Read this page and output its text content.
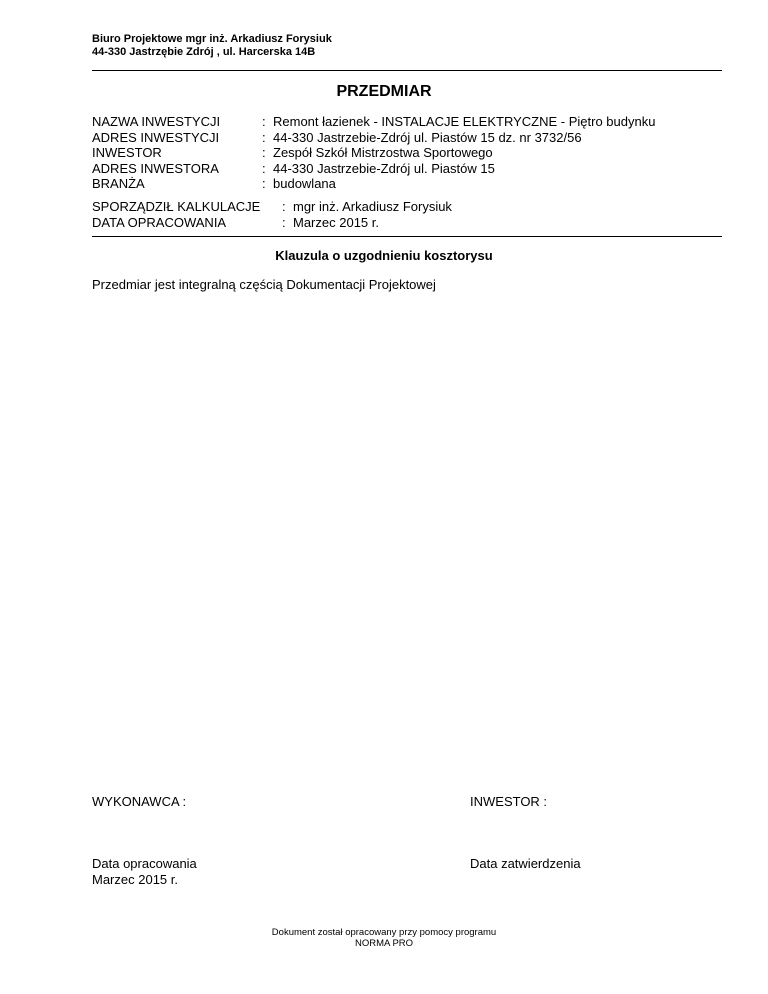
Biuro Projektowe mgr inż. Arkadiusz Forysiuk
44-330 Jastrzębie Zdrój , ul. Harcerska 14B
PRZEDMIAR
NAZWA INWESTYCJI	: Remont łazienek - INSTALACJE ELEKTRYCZNE - Piętro budynku
ADRES INWESTYCJI	: 44-330 Jastrzebie-Zdrój ul. Piastów 15 dz. nr 3732/56
INWESTOR	: Zespół Szkół Mistrzostwa Sportowego
ADRES INWESTORA	: 44-330 Jastrzebie-Zdrój ul. Piastów 15
BRANŻA	: budowlana
SPORZĄDZIŁ KALKULACJE : mgr inż. Arkadiusz Forysiuk
DATA OPRACOWANIA	: Marzec 2015 r.
Klauzula o uzgodnieniu kosztorysu
Przedmiar jest integralną częścią Dokumentacji Projektowej
WYKONAWCA :	INWESTOR :
Data opracowania
Marzec 2015 r.
Data zatwierdzenia
Dokument został opracowany przy pomocy programu
NORMA PRO
